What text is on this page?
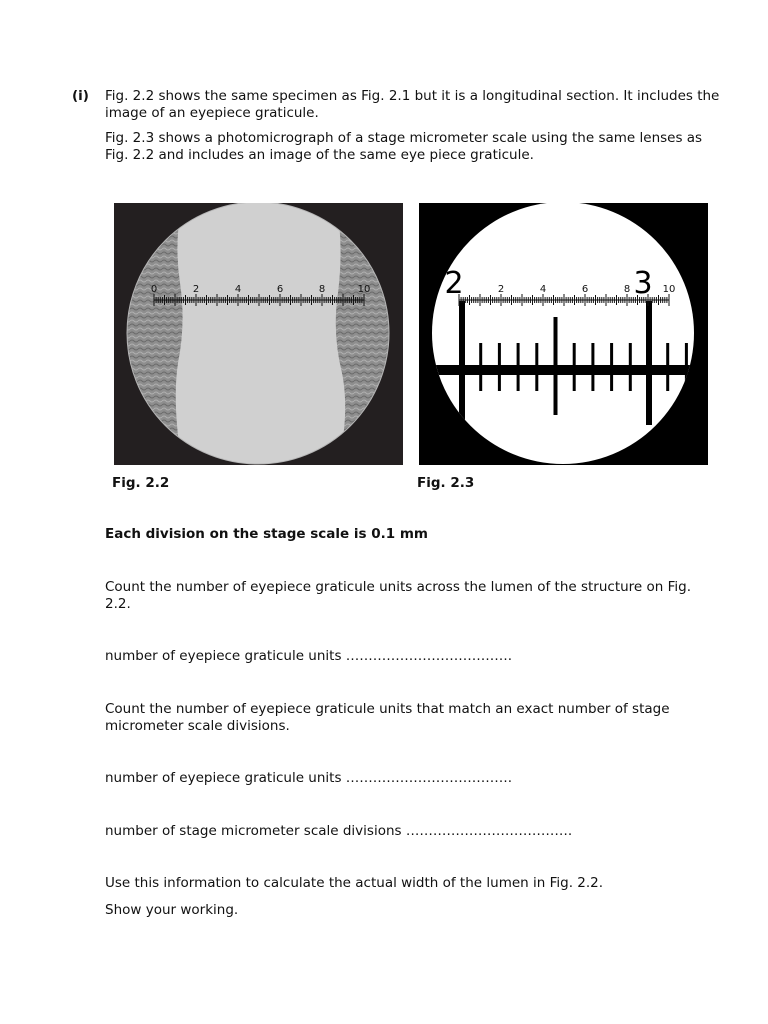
(i) Fig. 2.2 shows the same specimen as Fig. 2.1 but it is a longitudinal section. It includes the image of an eyepiece graticule.
Fig. 2.3 shows a photomicrograph of a stage micrometer scale using the same lenses as Fig. 2.2 and includes an image of the same eye piece graticule.
0	2	4	6	8	10
Fig. 2.2
2	4	6	8	10
2	3
Fig. 2.3
Each division on the stage scale is 0.1 mm
Count the number of eyepiece graticule units across the lumen of the structure on Fig. 2.2.
number of eyepiece graticule units ……………………………….
Count the number of eyepiece graticule units that match an exact number of stage micrometer scale divisions.
number of eyepiece graticule units ……………………………….
number of stage micrometer scale divisions ……………………………….
Use this information to calculate the actual width of the lumen in Fig. 2.2.
Show your working.
